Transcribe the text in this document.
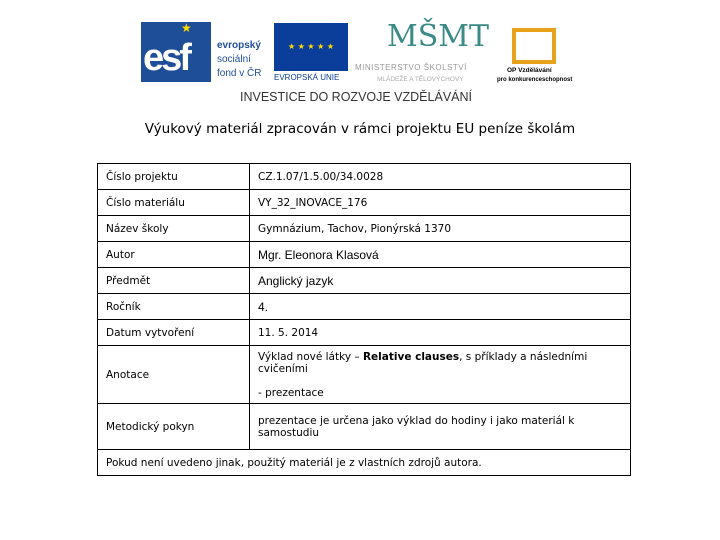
★
esf	evropský
sociální
fond v ČR
★ ★ ★ ★ ★
EVROPSKÁ UNIE
MŠMT
MINISTERSTVO ŠKOLSTVÍ
MLÁDEŽE A TĚLOVÝCHOVY
OP Vzdělávání
pro konkurenceschopnost
INVESTICE DO ROZVOJE VZDĚLÁVÁNÍ
Výukový materiál zpracován v rámci projektu EU peníze školám
Číslo projektu	CZ.1.07/1.5.00/34.0028
Číslo materiálu	VY_32_INOVACE_176
Název školy	Gymnázium, Tachov, Pionýrská 1370
Autor	Mgr. Eleonora Klasová
Předmět	Anglický jazyk
Ročník	4.
Datum vytvoření	11. 5. 2014
Anotace	Výklad nové látky – Relative clauses, s příklady a následními cvičeními
- prezentace

Metodický pokyn	prezentace je určena jako výklad do hodiny i jako materiál k samostudiu
Pokud není uvedeno jinak, použitý materiál je z vlastních zdrojů autora.	
